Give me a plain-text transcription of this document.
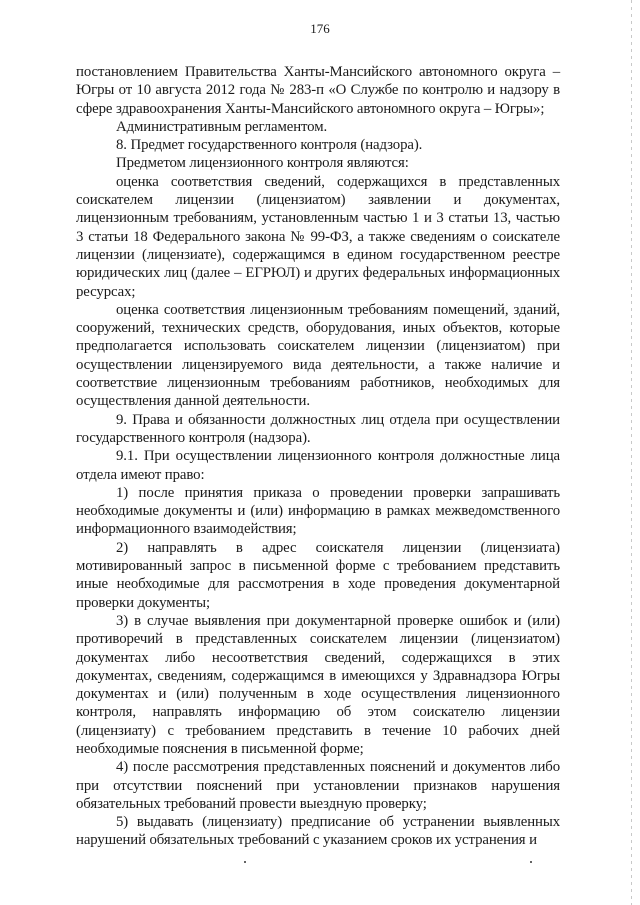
176

постановлением Правительства Ханты-Мансийского автономного округа – Югры от 10 августа 2012 года № 283-п «О Службе по контролю и надзору в сфере здравоохранения Ханты-Мансийского автономного округа – Югры»;

Административным регламентом.

8. Предмет государственного контроля (надзора).

Предметом лицензионного контроля являются:

оценка соответствия сведений, содержащихся в представленных соискателем лицензии (лицензиатом) заявлении и документах, лицензионным требованиям, установленным частью 1 и 3 статьи 13, частью 3 статьи 18 Федерального закона № 99-ФЗ, а также сведениям о соискателе лицензии (лицензиате), содержащимся в едином государственном реестре юридических лиц (далее – ЕГРЮЛ) и других федеральных информационных ресурсах;

оценка соответствия лицензионным требованиям помещений, зданий, сооружений, технических средств, оборудования, иных объектов, которые предполагается использовать соискателем лицензии (лицензиатом) при осуществлении лицензируемого вида деятельности, а также наличие и соответствие лицензионным требованиям работников, необходимых для осуществления данной деятельности.

9. Права и обязанности должностных лиц отдела при осуществлении государственного контроля (надзора).

9.1. При осуществлении лицензионного контроля должностные лица отдела имеют право:

1) после принятия приказа о проведении проверки запрашивать необходимые документы и (или) информацию в рамках межведомственного информационного взаимодействия;

2) направлять в адрес соискателя лицензии (лицензиата) мотивированный запрос в письменной форме с требованием представить иные необходимые для рассмотрения в ходе проведения документарной проверки документы;

3) в случае выявления при документарной проверке ошибок и (или) противоречий в представленных соискателем лицензии (лицензиатом) документах либо несоответствия сведений, содержащихся в этих документах, сведениям, содержащимся в имеющихся у Здравнадзора Югры документах и (или) полученным в ходе осуществления лицензионного контроля, направлять информацию об этом соискателю лицензии (лицензиату) с требованием представить в течение 10 рабочих дней необходимые пояснения в письменной форме;

4) после рассмотрения представленных пояснений и документов либо при отсутствии пояснений при установлении признаков нарушения обязательных требований провести выездную проверку;

5) выдавать (лицензиату) предписание об устранении выявленных нарушений обязательных требований с указанием сроков их устранения и
